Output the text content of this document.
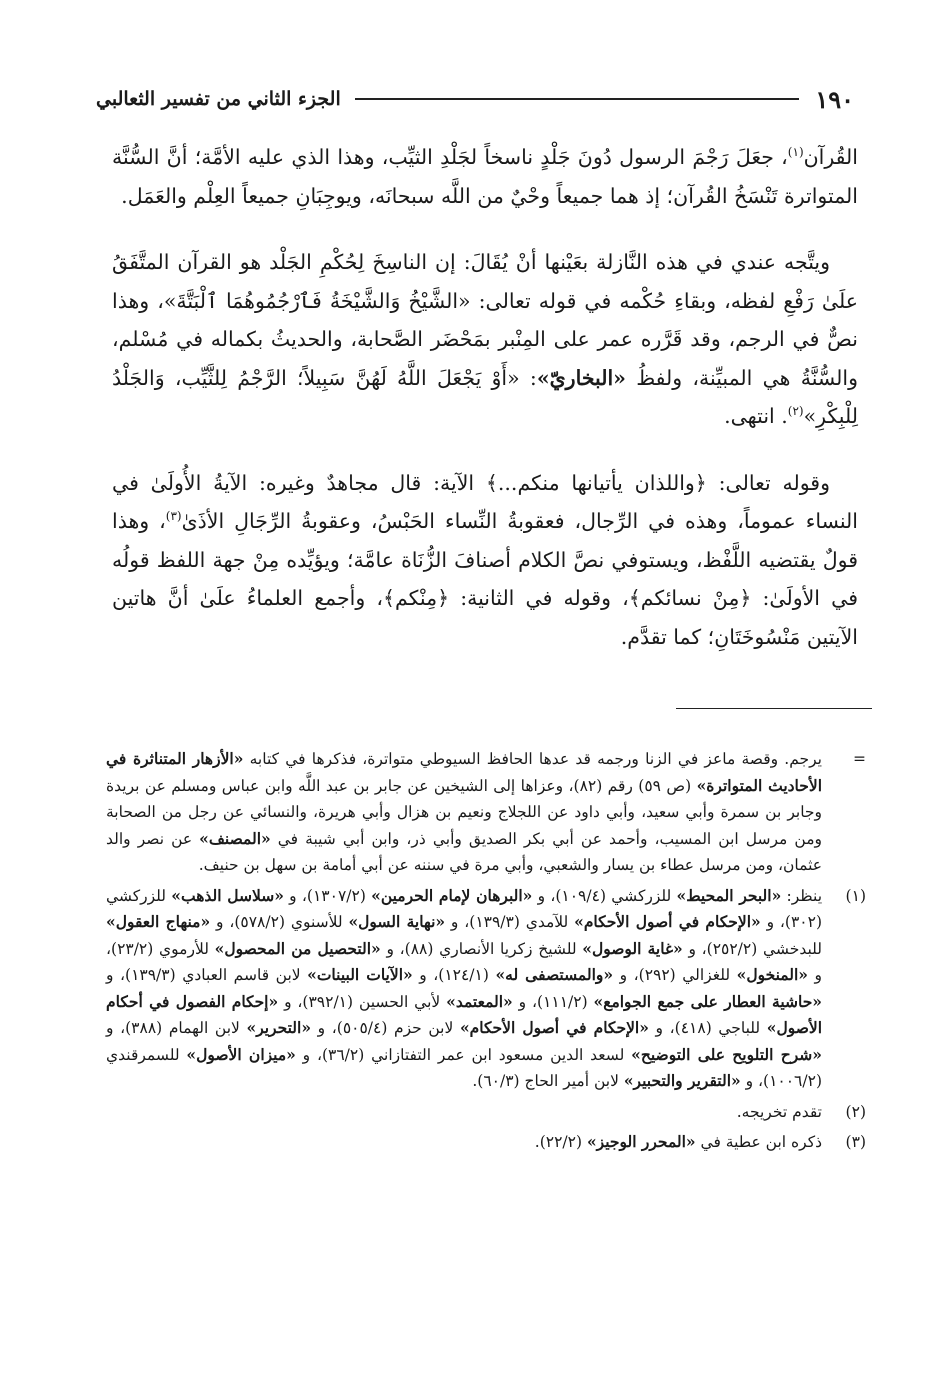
١٩٠
الجزء الثاني من تفسير الثعالبي

القُرآن$^{(١)}$، جعَلَ رَجْمَ الرسول دُونَ جَلْدٍ ناسخاً لجَلْدِ الثيِّب، وهذا الذي عليه الأمَّة؛ أنَّ السُّنَّة المتواترة تَنْسَخُ القُرآن؛ إذ هما جميعاً وحْيٌ من اللَّه سبحانَه، ويوجِبَانِ جميعاً العِلْم والعَمَل.

ويتَّجه عندي في هذه النَّازلة بعَيْنها أنْ يُقَالَ: إن الناسِخَ لِحُكْمِ الجَلْد هو القرآن المتَّفَقُ علَىٰ رَفْعِ لفظه، وبقاءِ حُكْمه في قوله تعالى: «الشَّيْخُ وَالشَّيْخَةُ فَٱرْجُمُوهُمَا ٱلْبَتَّةَ»، وهذا نصٌّ في الرجم، وقد قَرَّره عمر على المِنْبر بمَحْضَر الصَّحابة، والحديثُ بكماله في مُسْلم، والسُّنَّةُ هي المبيِّنة، ولفظُ «البخاريّ»: «أَوْ يَجْعَلَ اللَّهُ لَهُنَّ سَبِيلاً؛ الرَّجْمُ لِلثَّيِّب، وَالجَلْدُ لِلْبِكْرِ»$^{(٢)}$. انتهى.

وقوله تعالى: ﴿واللذان يأتيانها منكم...﴾ الآية: قال مجاهدٌ وغيره: الآيةُ الأُولَىٰ في النساء عموماً، وهذه في الرِّجال، فعقوبةُ النِّساء الحَبْسُ، وعقوبةُ الرِّجَالِ الأذَىٰ$^{(٣)}$، وهذا قولٌ يقتضيه اللَّفْظ، ويستوفي نصَّ الكلام أصنافَ الزُّنَاة عامَّة؛ ويؤيِّده مِنْ جهة اللفظ قولُه في الأولَىٰ: ﴿مِنْ نسائكم﴾، وقوله في الثانية: ﴿مِنْكم﴾، وأجمع العلماءُ علَىٰ أنَّ هاتين الآيتين مَنْسُوخَتَانِ؛ كما تقدَّم.

=
يرجم. وقصة ماعز في الزنا ورجمه قد عدها الحافظ السيوطي متواترة، فذكرها في كتابه «الأزهار المتناثرة في الأحاديث المتواترة» (ص ٥٩) رقم (٨٢)، وعزاها إلى الشيخين عن جابر بن عبد اللَّه وابن عباس ومسلم عن بريدة وجابر بن سمرة وأبي سعيد، وأبي داود عن اللجلاج ونعيم بن هزال وأبي هريرة، والنسائي عن رجل من الصحابة ومن مرسل ابن المسيب، وأحمد عن أبي بكر الصديق وأبي ذر، وابن أبي شيبة في «المصنف» عن نصر والد عثمان، ومن مرسل عطاء بن يسار والشعبي، وأبي مرة في سننه عن أبي أمامة بن سهل بن حنيف.
(١)
ينظر: «البحر المحيط» للزركشي (١٠٩/٤)، و «البرهان لإمام الحرمين» (١٣٠٧/٢)، و «سلاسل الذهب» للزركشي (٣٠٢)، و «الإحكام في أصول الأحكام» للآمدي (١٣٩/٣)، و «نهاية السول» للأسنوي (٥٧٨/٢)، و «منهاج العقول» للبدخشي (٢٥٢/٢)، و «غاية الوصول» للشيخ زكريا الأنصاري (٨٨)، و «التحصيل من المحصول» للأرموي (٢٣/٢)، و «المنخول» للغزالي (٢٩٢)، و «والمستصفى له» (١٢٤/١)، و «الآيات البينات» لابن قاسم العبادي (١٣٩/٣)، و «حاشية العطار على جمع الجوامع» (١١١/٢)، و «المعتمد» لأبي الحسين (٣٩٢/١)، و «إحكام الفصول في أحكام الأصول» للباجي (٤١٨)، و «الإحكام في أصول الأحكام» لابن حزم (٥٠٥/٤)، و «التحرير» لابن الهمام (٣٨٨)، و «شرح التلويح على التوضيح» لسعد الدين مسعود ابن عمر التفتازاني (٣٦/٢)، و «ميزان الأصول» للسمرقندي (١٠٠٦/٢)، و «التقرير والتحبير» لابن أمير الحاج (٦٠/٣).
(٢)
تقدم تخريجه.
(٣)
ذكره ابن عطية في «المحرر الوجيز» (٢٢/٢).
